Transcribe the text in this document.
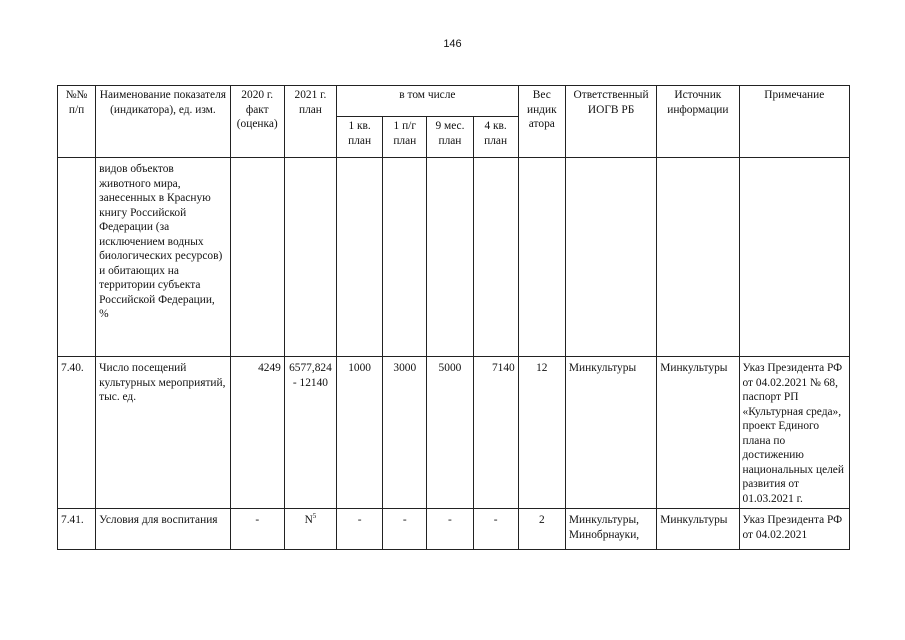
146
№№ п/п	Наименование показателя (индикатора), ед. изм.	2020 г. факт (оценка)	2021 г. план	в том числе				Вес индик атора	Ответственный ИОГВ РБ	Источник информации	Примечание
				1 кв. план	1 п/г план	9 мес. план	4 кв. план				
	видов объектов животного мира, занесенных в Красную книгу Российской Федерации (за исключением водных биологических ресурсов) и обитающих на территории субъекта Российской Федерации, %										
7.40.	Число посещений культурных мероприятий, тыс. ед.	4249	6577,824 - 12140	1000	3000	5000	7140	12	Минкультуры	Минкультуры	Указ Президента РФ от 04.02.2021 № 68, паспорт РП «Культурная среда», проект Единого плана по достижению национальных целей развития от 01.03.2021 г.
7.41.	Условия для воспитания	-	$N^5$	-	-	-	-	2	Минкультуры, Минобрнауки,	Минкультуры	Указ Президента РФ от 04.02.2021
